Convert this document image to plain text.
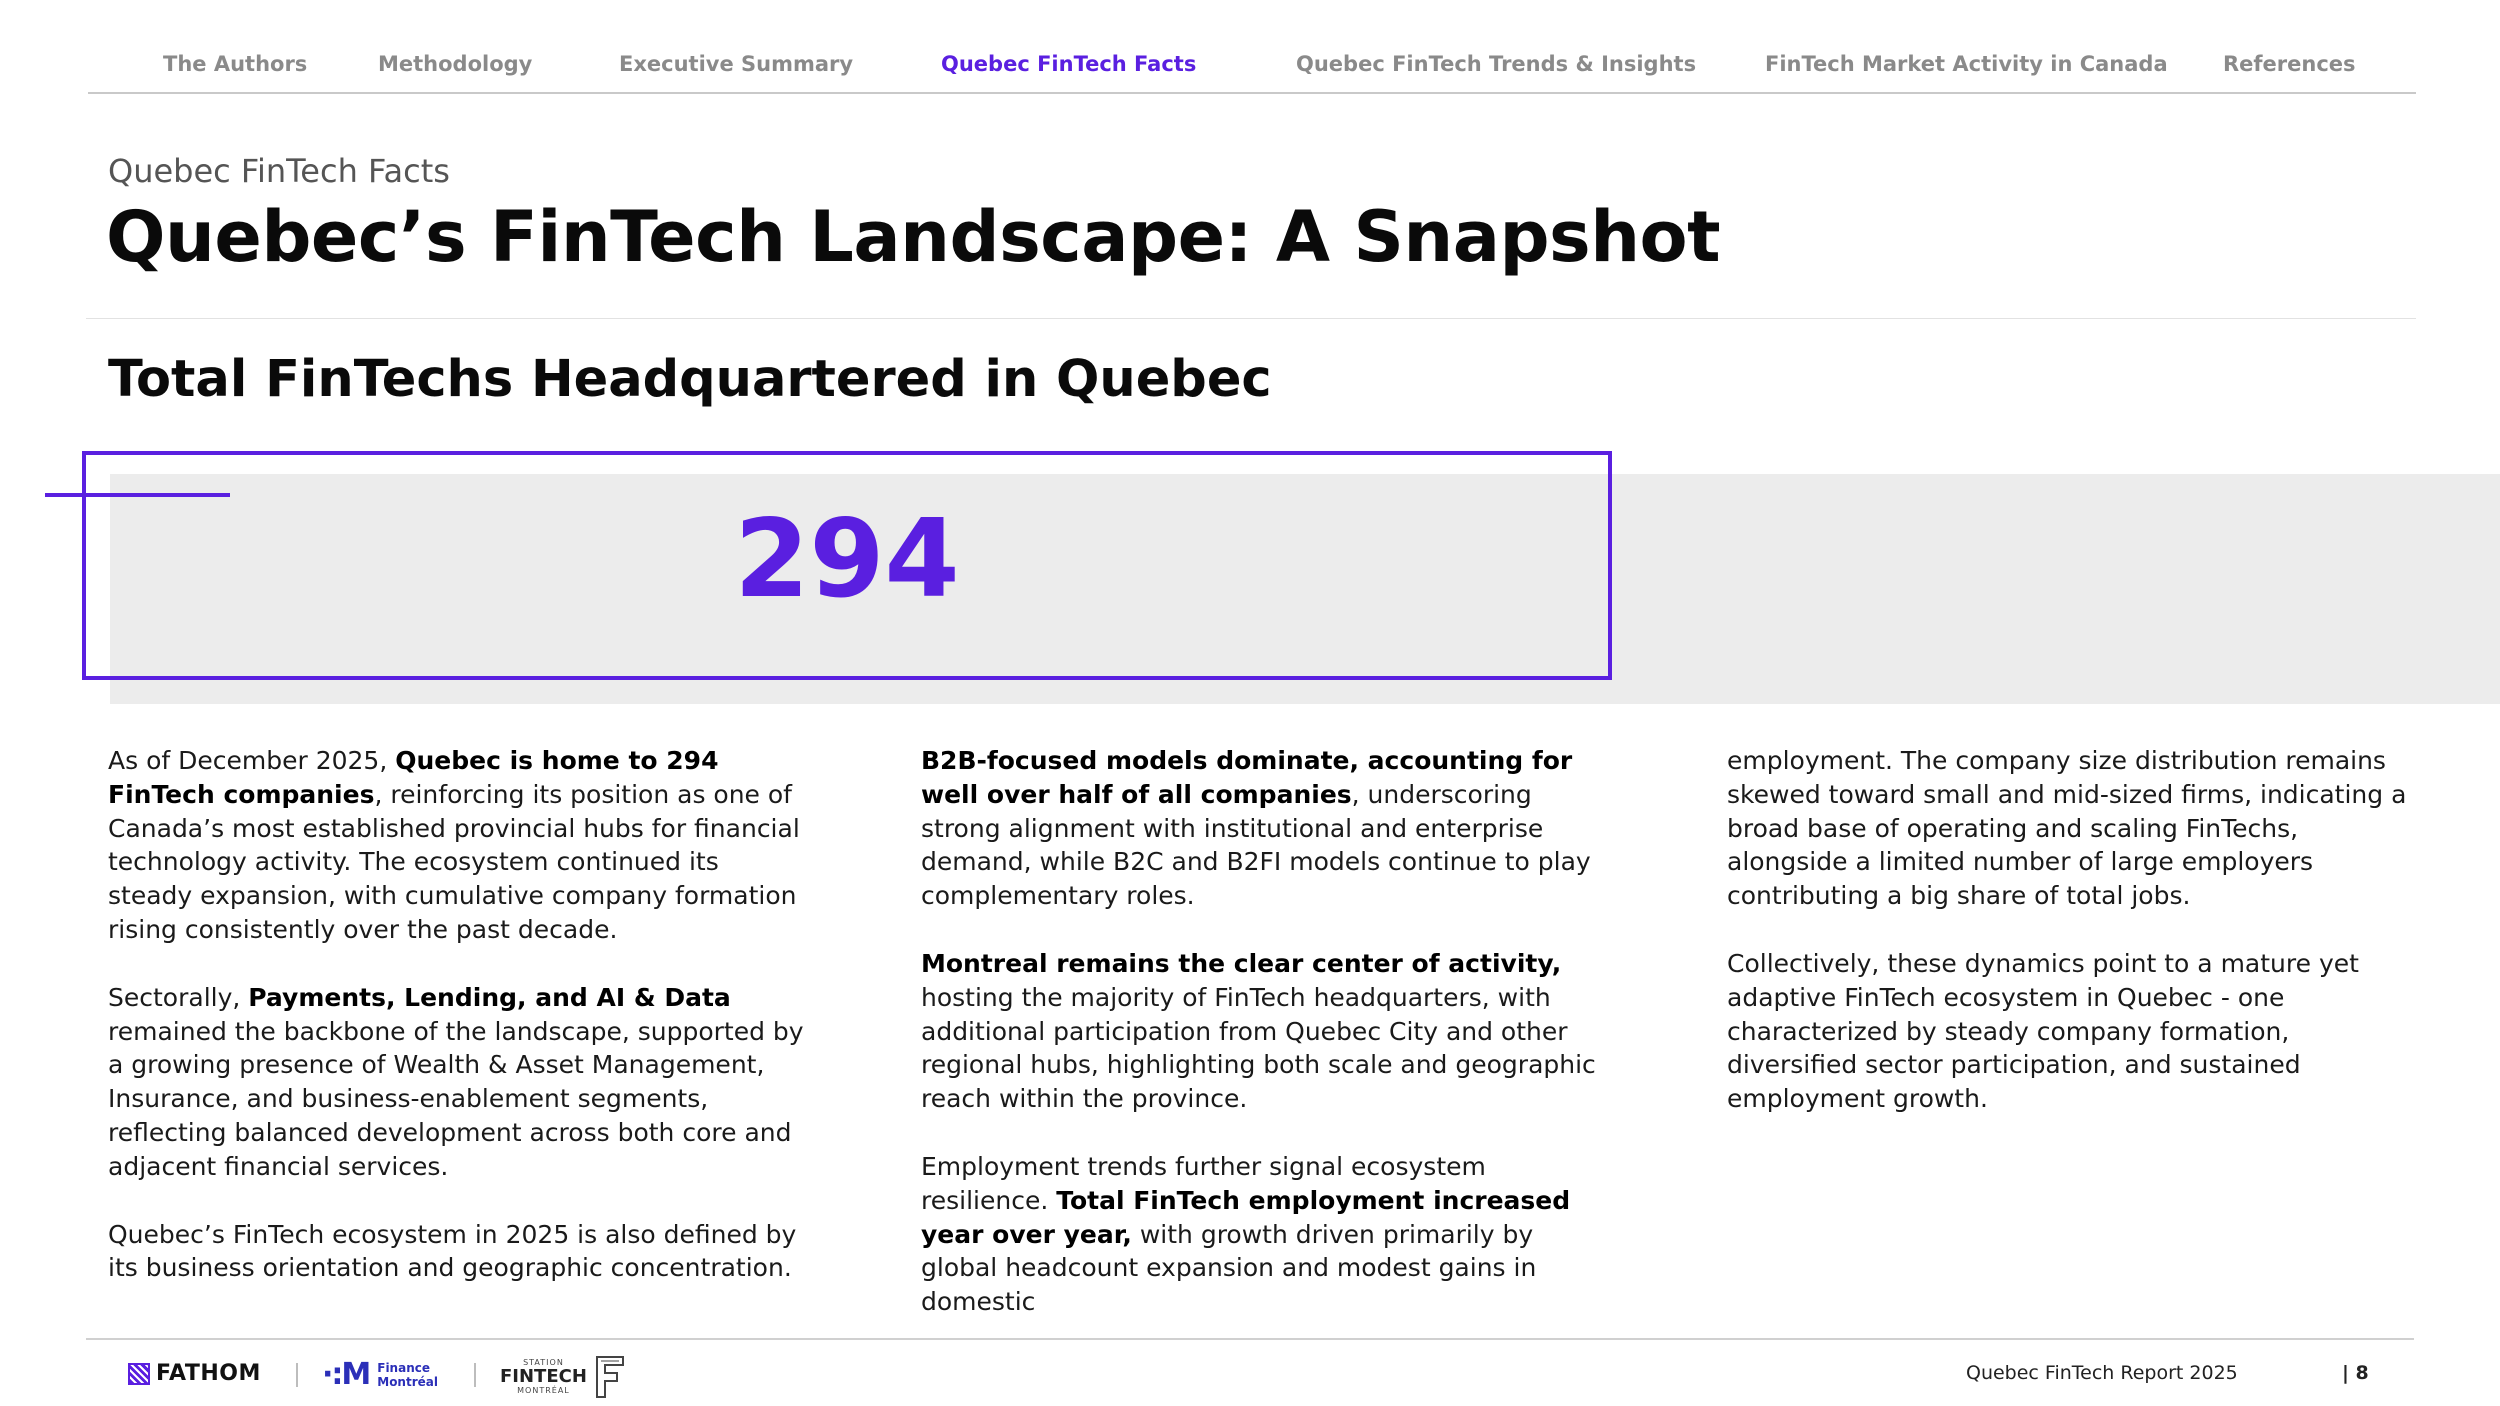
The Authors	Methodology	Executive Summary	Quebec FinTech Facts	Quebec FinTech Trends & Insights	FinTech Market Activity in Canada	References
Quebec FinTech Facts
Quebec’s FinTech Landscape: A Snapshot
Total FinTechs Headquartered in Quebec
294

As of December 2025, Quebec is home to 294 FinTech companies, reinforcing its position as one of Canada’s most established provincial hubs for financial technology activity. The ecosystem continued its steady expansion, with cumulative company formation rising consistently over the past decade.

Sectorally, Payments, Lending, and AI & Data remained the backbone of the landscape, supported by a growing presence of Wealth & Asset Management, Insurance, and business-enablement segments, reflecting balanced development across both core and adjacent financial services.

Quebec’s FinTech ecosystem in 2025 is also defined by its business orientation and geographic concentration.

B2B-focused models dominate, accounting for well over half of all companies, underscoring strong alignment with institutional and enterprise demand, while B2C and B2FI models continue to play complementary roles.

Montreal remains the clear center of activity, hosting the majority of FinTech headquarters, with additional participation from Quebec City and other regional hubs, highlighting both scale and geographic reach within the province.

Employment trends further signal ecosystem resilience. Total FinTech employment increased year over year, with growth driven primarily by global headcount expansion and modest gains in domestic

employment. The company size distribution remains skewed toward small and mid-sized firms, indicating a broad base of operating and scaling FinTechs, alongside a limited number of large employers contributing a big share of total jobs.

Collectively, these dynamics point to a mature yet adaptive FinTech ecosystem in Quebec - one characterized by steady company formation, diversified sector participation, and sustained employment growth.

FATHOM ·:M Finance
Montréal
STATION
FINTECH
MONTRÉAL
Quebec FinTech Report 2025	| 8
